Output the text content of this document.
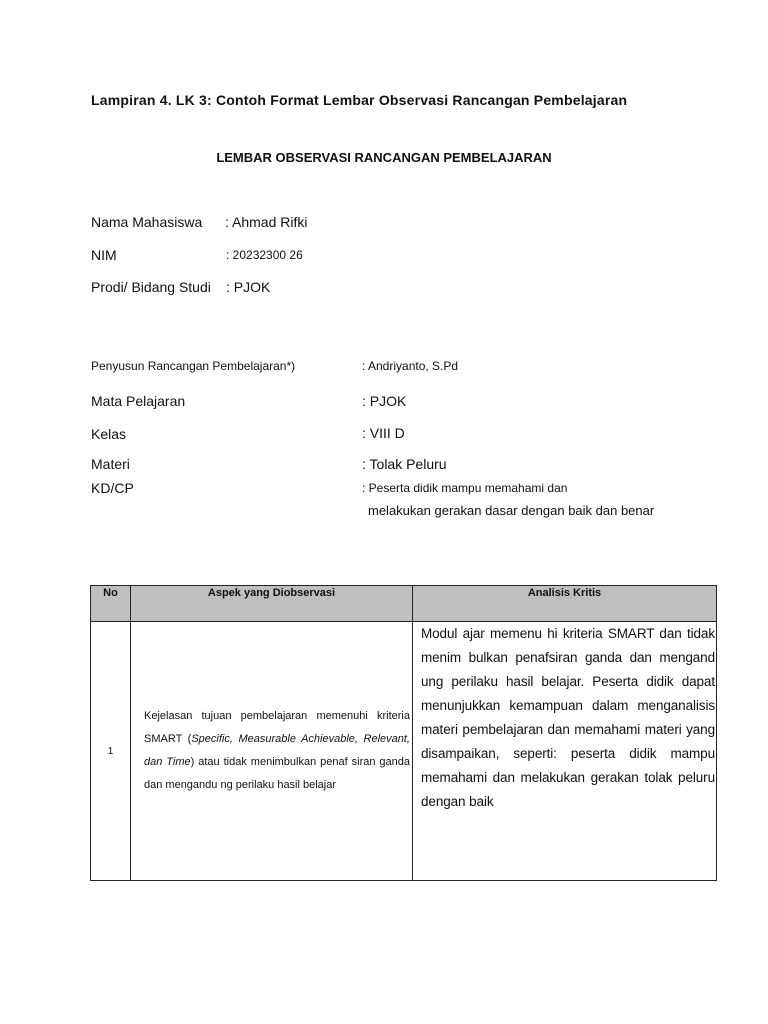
Lampiran 4. LK 3: Contoh Format Lembar Observasi Rancangan Pembelajaran
LEMBAR OBSERVASI RANCANGAN PEMBELAJARAN
Nama Mahasiswa : Ahmad Rifki
NIM	: 20232300 26
Prodi/ Bidang Studi : PJOK
Penyusun Rancangan Pembelajaran*)	: Andriyanto, S.Pd
Mata Pelajaran	: PJOK
Kelas	: VIII D
Materi	: Tolak Peluru
KD/CP	: Peserta didik mampu memahami dan
melakukan gerakan dasar dengan baik dan benar
No	Aspek yang Diobservasi	Analisis Kritis
1	Kejelasan tujuan pembelajaran memenuhi kriteria SMART (Specific, Measurable Achievable, Relevant, dan Time) atau tidak menimbulkan penaf siran ganda dan mengandu ng perilaku hasil belajar	Modul ajar memenu hi kriteria SMART dan tidak menim bulkan penafsiran ganda dan mengand ung perilaku hasil belajar. Peserta didik dapat menunjukkan kemampuan dalam menganalisis materi pembelajaran dan memahami materi yang disampaikan, seperti: peserta didik mampu memahami dan melakukan gerakan tolak peluru dengan baik
